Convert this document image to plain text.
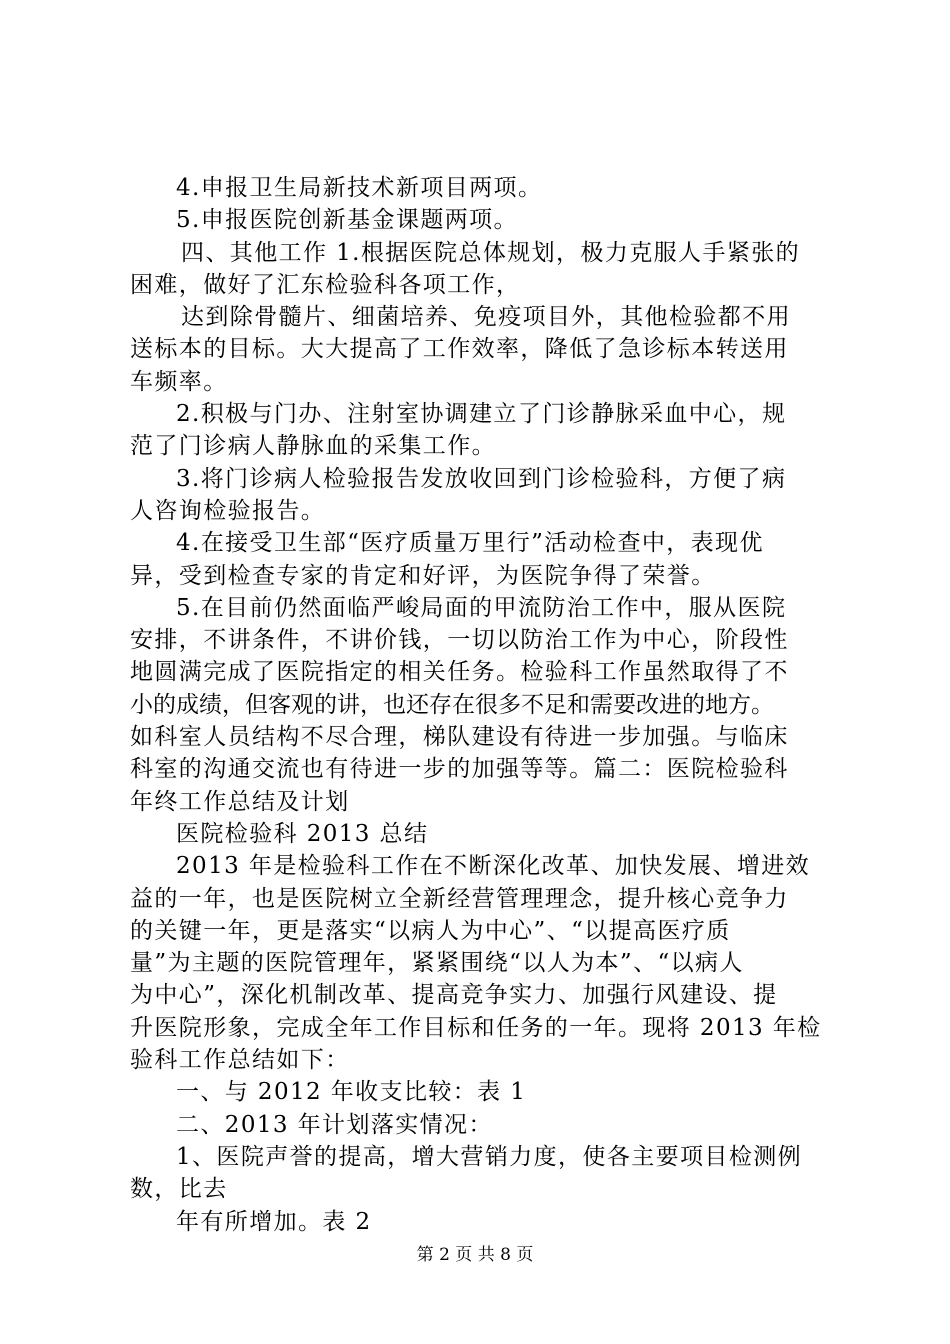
4.申报卫生局新技术新项目两项。
5.申报医院创新基金课题两项。
四、其他工作 1.根据医院总体规划，极力克服人手紧张的
困难，做好了汇东检验科各项工作，
达到除骨髓片、细菌培养、免疫项目外，其他检验都不用
送标本的目标。大大提高了工作效率，降低了急诊标本转送用
车频率。
2.积极与门办、注射室协调建立了门诊静脉采血中心，规
范了门诊病人静脉血的采集工作。
3.将门诊病人检验报告发放收回到门诊检验科，方便了病
人咨询检验报告。
4.在接受卫生部“医疗质量万里行”活动检查中，表现优
异，受到检查专家的肯定和好评，为医院争得了荣誉。
5.在目前仍然面临严峻局面的甲流防治工作中，服从医院
安排，不讲条件，不讲价钱，一切以防治工作为中心，阶段性
地圆满完成了医院指定的相关任务。检验科工作虽然取得了不
小的成绩，但客观的讲，也还存在很多不足和需要改进的地方。
如科室人员结构不尽合理，梯队建设有待进一步加强。与临床
科室的沟通交流也有待进一步的加强等等。篇二：医院检验科
年终工作总结及计划
医院检验科 2013 总结
2013 年是检验科工作在不断深化改革、加快发展、增进效
益的一年，也是医院树立全新经营管理理念，提升核心竞争力
的关键一年，更是落实“以病人为中心”、“以提高医疗质
量”为主题的医院管理年，紧紧围绕“以人为本”、“以病人
为中心”，深化机制改革、提高竞争实力、加强行风建设、提
升医院形象，完成全年工作目标和任务的一年。现将 2013 年检
验科工作总结如下：
一、与 2012 年收支比较：表 1
二、2013 年计划落实情况：
1、医院声誉的提高，增大营销力度，使各主要项目检测例
数，比去
年有所增加。表 2
第 2 页 共 8 页
